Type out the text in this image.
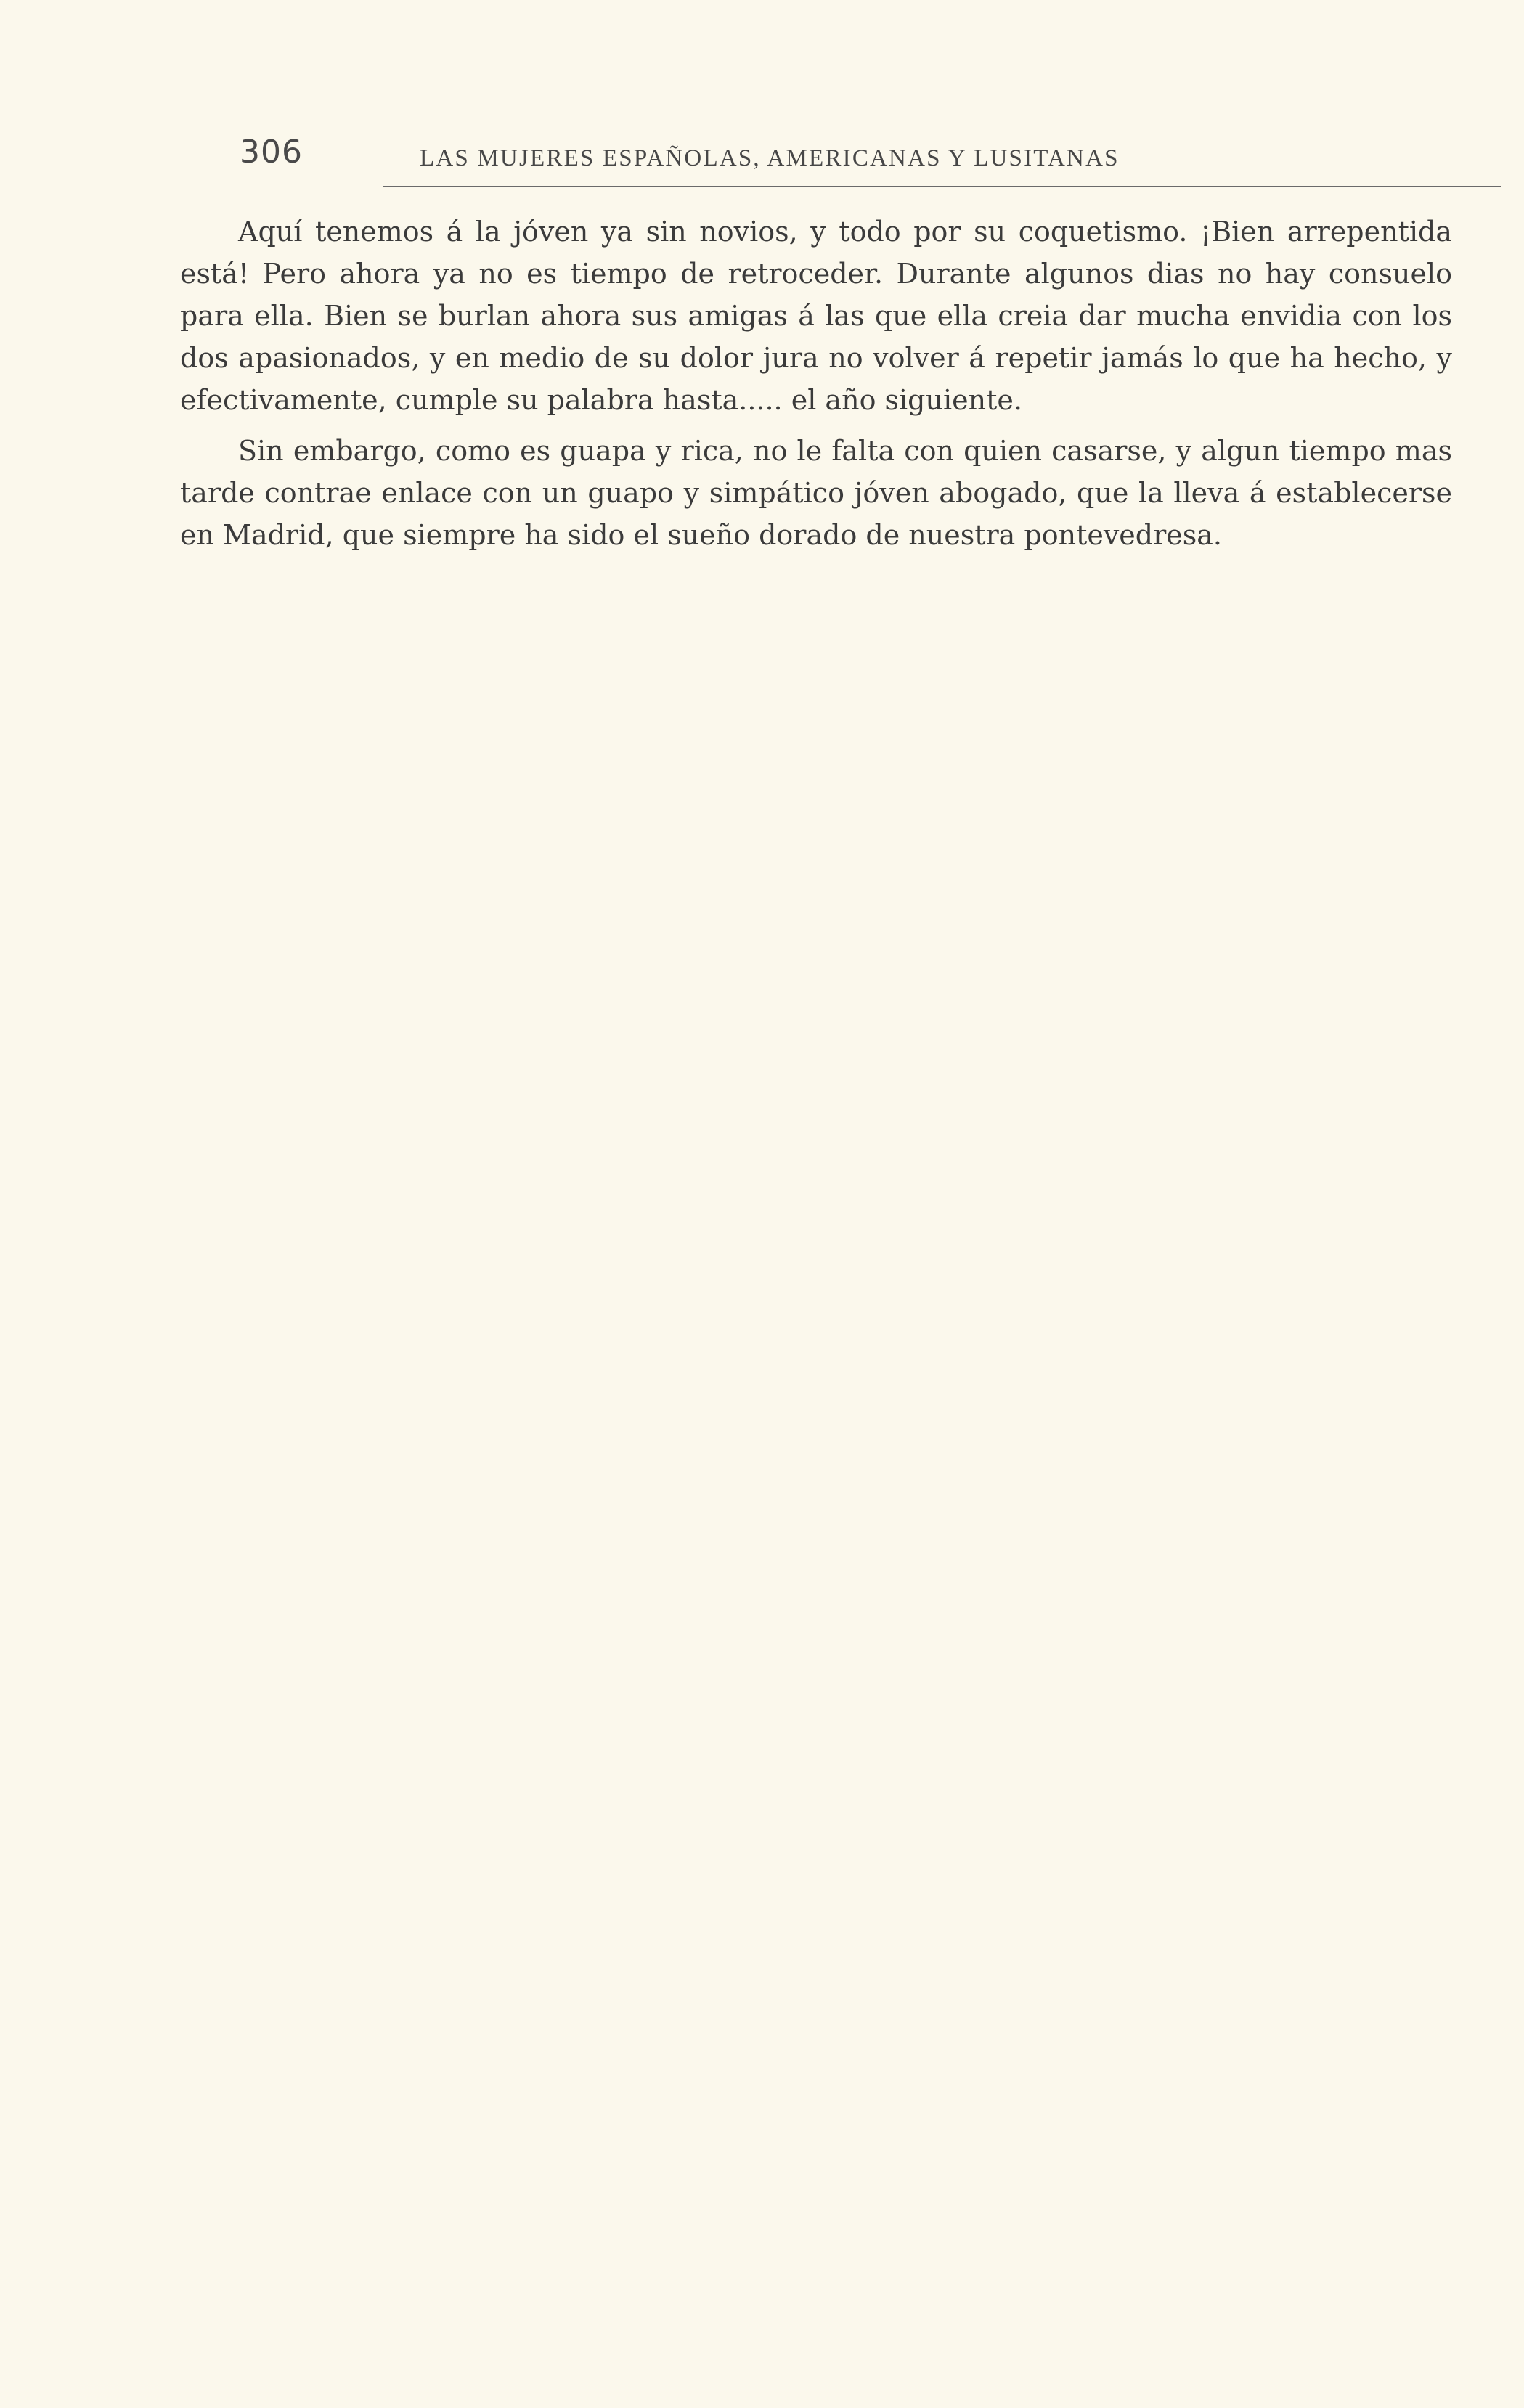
306	LAS MUJERES ESPAÑOLAS, AMERICANAS Y LUSITANAS

Aquí tenemos á la jóven ya sin novios, y todo por su coquetismo. ¡Bien arrepentida está! Pero ahora ya no es tiempo de retroceder. Durante algunos dias no hay consuelo para ella. Bien se burlan ahora sus amigas á las que ella creia dar mucha envidia con los dos apasionados, y en medio de su dolor jura no volver á repetir jamás lo que ha hecho, y efectivamente, cumple su palabra hasta..... el año siguiente.

Sin embargo, como es guapa y rica, no le falta con quien casarse, y algun tiempo mas tarde contrae enlace con un guapo y simpático jóven abogado, que la lleva á establecerse en Madrid, que siempre ha sido el sueño dorado de nuestra pontevedresa.
